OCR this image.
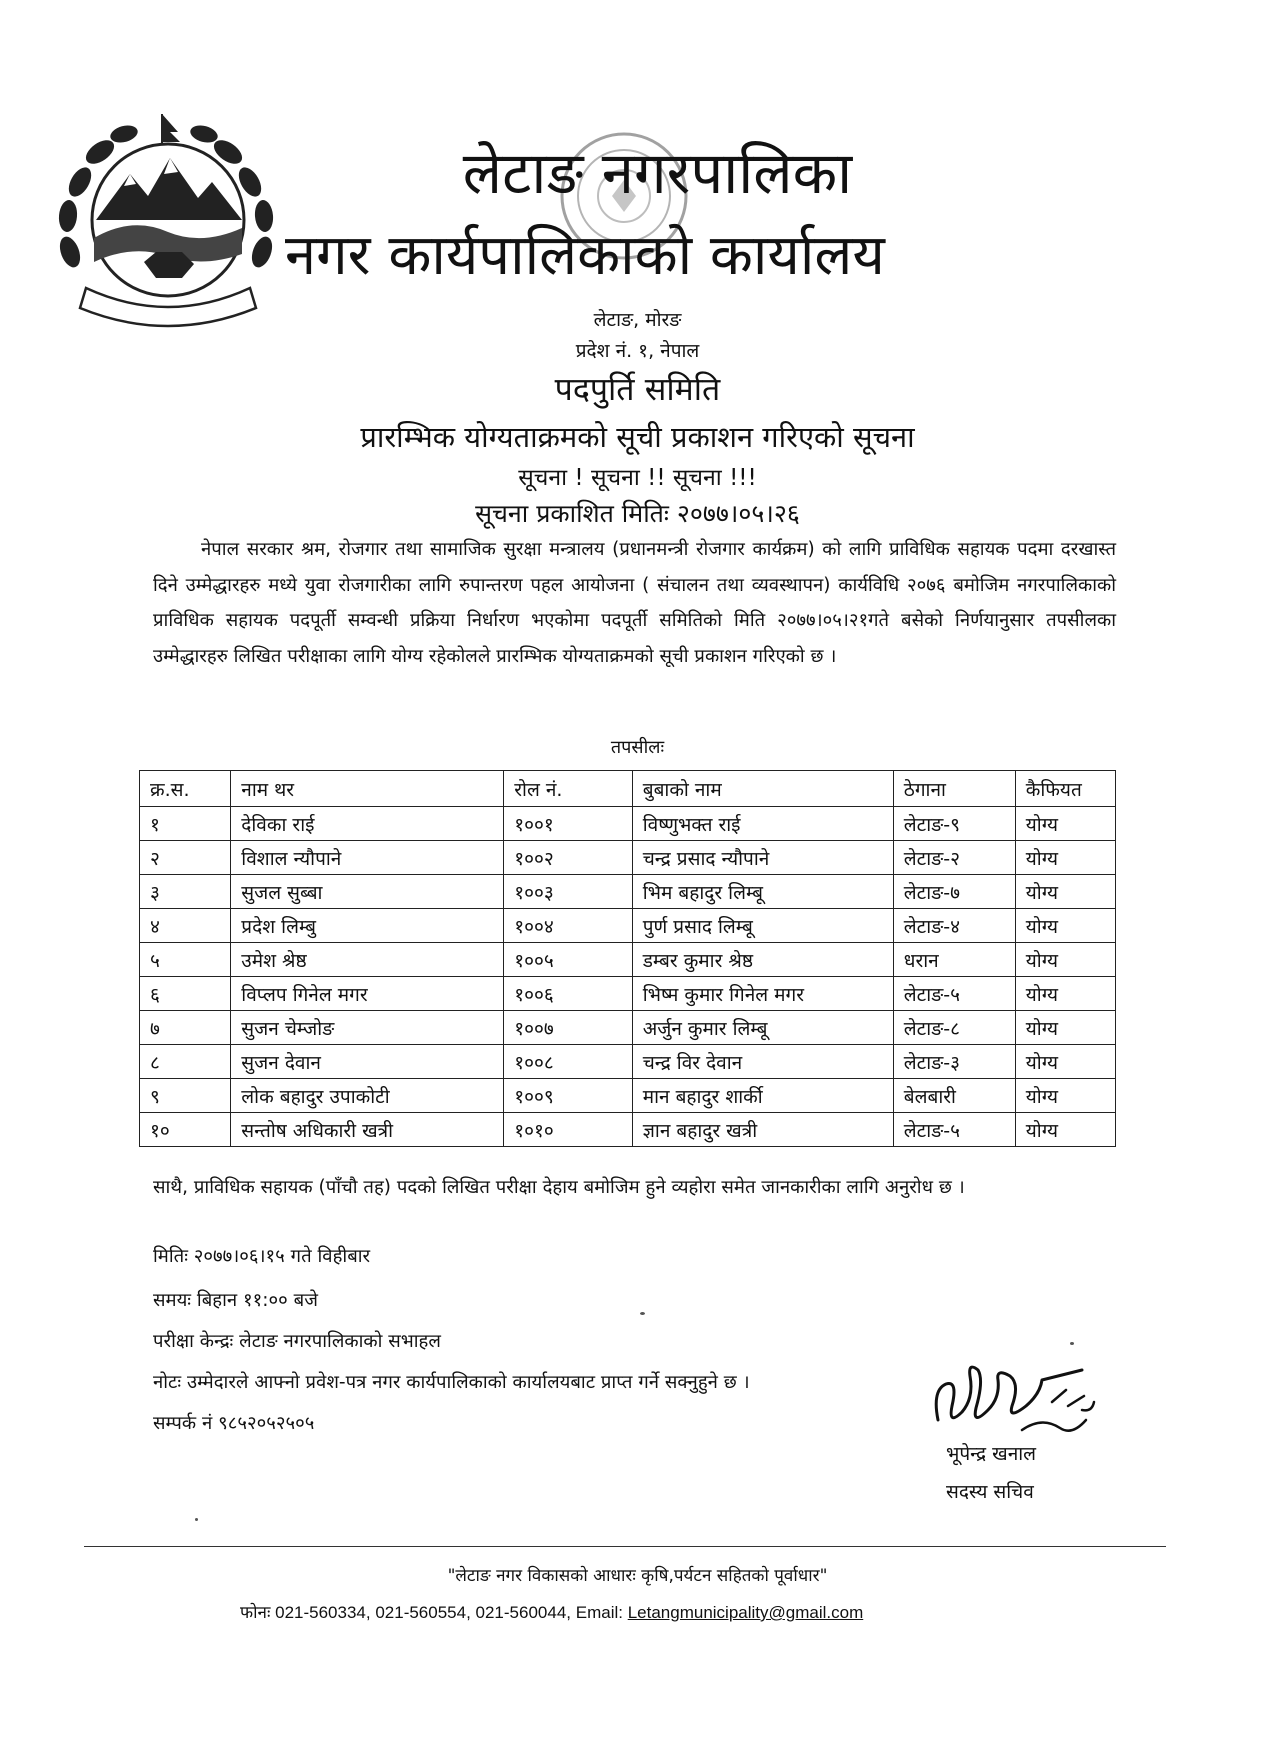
लेटाङ नगरपालिका
नगर कार्यपालिकाको कार्यालय
लेटाङ, मोरङ
प्रदेश नं. १, नेपाल
पदपुर्ति समिति
प्रारम्भिक योग्यताक्रमको सूची प्रकाशन गरिएको सूचना
सूचना ! सूचना !! सूचना !!!
सूचना प्रकाशित मितिः २०७७।०५।२६
नेपाल सरकार श्रम, रोजगार तथा सामाजिक सुरक्षा मन्त्रालय (प्रधानमन्त्री रोजगार कार्यक्रम) को लागि प्राविधिक सहायक पदमा दरखास्त दिने उम्मेद्धारहरु मध्ये युवा रोजगारीका लागि रुपान्तरण पहल आयोजना ( संचालन तथा व्यवस्थापन) कार्यविधि २०७६ बमोजिम नगरपालिकाको प्राविधिक सहायक पदपूर्ती सम्वन्धी प्रक्रिया निर्धारण भएकोमा पदपूर्ती समितिको मिति २०७७।०५।२१गते बसेको निर्णयानुसार तपसीलका उम्मेद्धारहरु लिखित परीक्षाका लागि योग्य रहेकोलले प्रारम्भिक योग्यताक्रमको सूची प्रकाशन गरिएको छ ।
तपसीलः
क्र.स.	नाम थर	रोल नं.	बुबाको नाम	ठेगाना	कैफियत
१	देविका राई	१००१	विष्णुभक्त राई	लेटाङ-९	योग्य
२	विशाल न्यौपाने	१००२	चन्द्र प्रसाद न्यौपाने	लेटाङ-२	योग्य
३	सुजल सुब्बा	१००३	भिम बहादुर लिम्बू	लेटाङ-७	योग्य
४	प्रदेश लिम्बु	१००४	पुर्ण प्रसाद लिम्बू	लेटाङ-४	योग्य
५	उमेश श्रेष्ठ	१००५	डम्बर कुमार श्रेष्ठ	धरान	योग्य
६	विप्लप गिनेल मगर	१००६	भिष्म कुमार गिनेल मगर	लेटाङ-५	योग्य
७	सुजन चेम्जोङ	१००७	अर्जुन कुमार लिम्बू	लेटाङ-८	योग्य
८	सुजन देवान	१००८	चन्द्र विर देवान	लेटाङ-३	योग्य
९	लोक बहादुर उपाकोटी	१००९	मान बहादुर शार्की	बेलबारी	योग्य
१०	सन्तोष अधिकारी खत्री	१०१०	ज्ञान बहादुर खत्री	लेटाङ-५	योग्य
साथै, प्राविधिक सहायक (पाँचौ तह) पदको लिखित परीक्षा देहाय बमोजिम हुने व्यहोरा समेत जानकारीका लागि अनुरोध छ ।
मितिः २०७७।०६।१५ गते विहीबार
समयः बिहान ११:०० बजे
परीक्षा केन्द्रः लेटाङ नगरपालिकाको सभाहल
नोटः उम्मेदारले आफ्नो प्रवेश-पत्र नगर कार्यपालिकाको कार्यालयबाट प्राप्त गर्ने सक्नुहुने छ ।
सम्पर्क नं ९८५२०५२५०५
भूपेन्द्र खनाल
सदस्य सचिव
"लेटाङ नगर विकासको आधारः कृषि,पर्यटन सहितको पूर्वाधार"
फोनः 021-560334, 021-560554, 021-560044, Email: Letangmunicipality@gmail.com
